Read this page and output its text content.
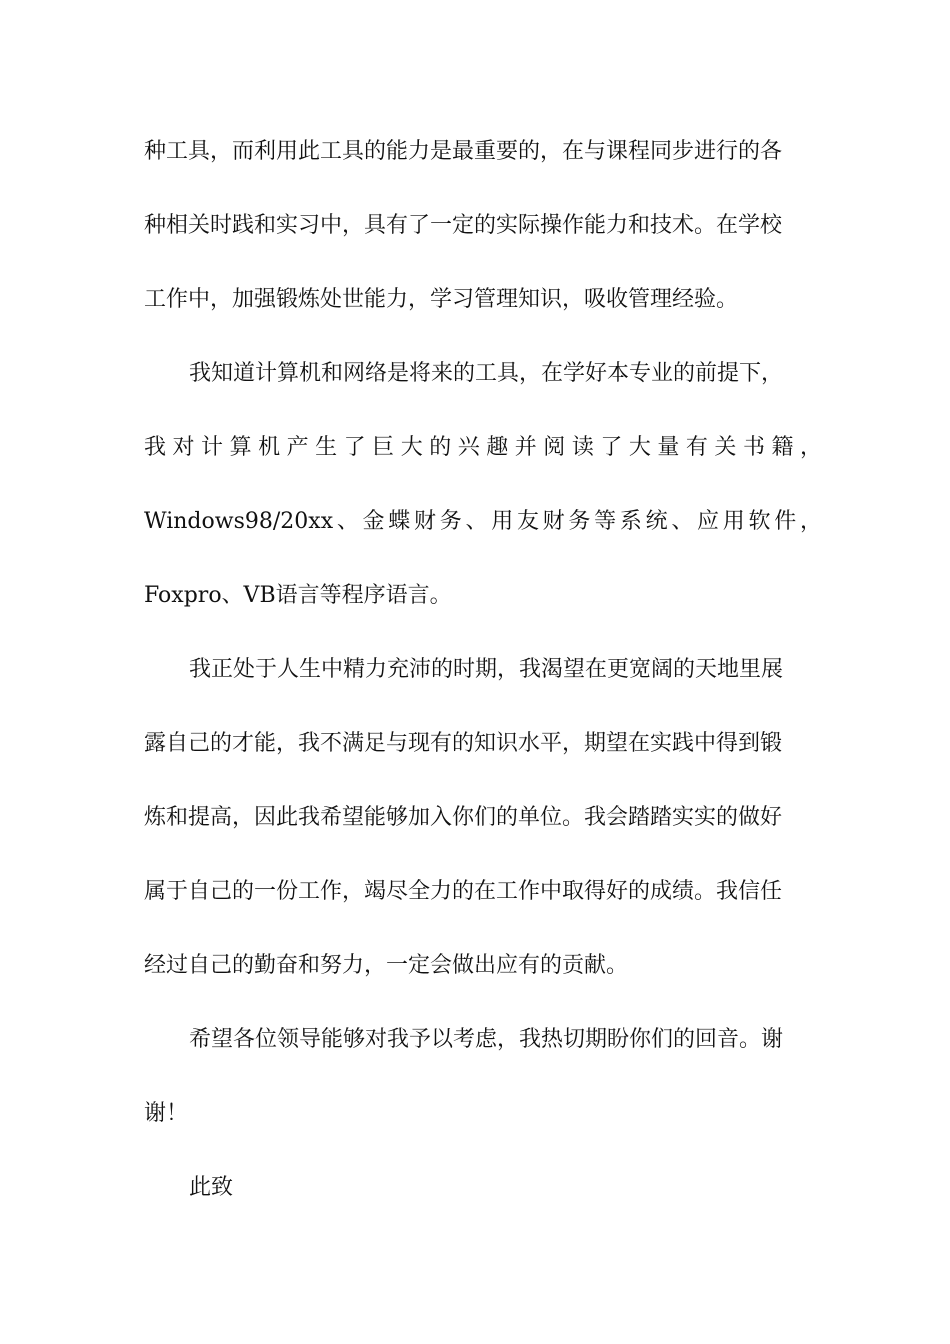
种工具，而利用此工具的能力是最重要的，在与课程同步进行的各
种相关时践和实习中，具有了一定的实际操作能力和技术。在学校
工作中，加强锻炼处世能力，学习管理知识，吸收管理经验。
我知道计算机和网络是将来的工具，在学好本专业的前提下，
我对计算机产生了巨大的兴趣并阅读了大量有关书籍，
Windows98/20xx、金蝶财务、用友财务等系统、应用软件，
Foxpro、VB语言等程序语言。
我正处于人生中精力充沛的时期，我渴望在更宽阔的天地里展
露自己的才能，我不满足与现有的知识水平，期望在实践中得到锻
炼和提高，因此我希望能够加入你们的单位。我会踏踏实实的做好
属于自己的一份工作，竭尽全力的在工作中取得好的成绩。我信任
经过自己的勤奋和努力，一定会做出应有的贡献。
希望各位领导能够对我予以考虑，我热切期盼你们的回音。谢
谢！
此致
